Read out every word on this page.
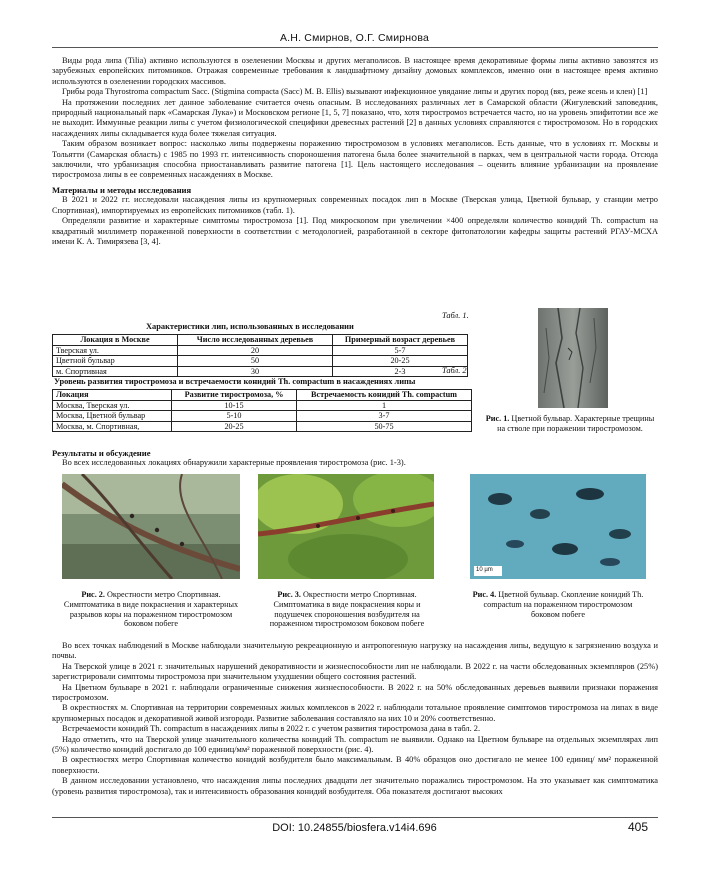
А.Н. Смирнов, О.Г. Смирнова

Виды рода липа (Tilia) активно используются в озеленении Москвы и других мегаполисов. В настоящее время декоративные формы липы активно завозятся из зарубежных европейских питомников. Отражая современные требования к ландшафтному дизайну домовых комплексов, именно они в настоящее время активно используются в озеленении городских массивов.

Грибы рода Thyrostroma compactum Sacc. (Stigmina compacta (Sacc) M. B. Ellis) вызывают инфекционное увядание липы и других пород (вяз, реже ясень и клен) [1]

На протяжении последних лет данное заболевание считается очень опасным. В исследованиях различных лет в Самарской области (Жигулевский заповедник, природный национальный парк «Самарская Лука») и Московском регионе [1, 5, 7] показано, что, хотя тиростромоз встречается часто, но на уровень эпифитотии все же не выходит. Иммунные реакции липы с учетом физиологической специфики древесных растений [2] в данных условиях справляются с тиростромозом. Но в городских насаждениях липы складывается куда более тяжелая ситуация.

Таким образом возникает вопрос: насколько липы подвержены поражению тиростромозом в условиях мегаполисов. Есть данные, что в условиях гг. Москвы и Тольятти (Самарская область) с 1985 по 1993 гг. интенсивность спороношения патогена была более значительной в парках, чем в центральной части города. Отсюда заключили, что урбанизация способна приостанавливать развитие патогена [1]. Цель настоящего исследования – оценить влияние урбанизации на проявление тиростромоза липы в ее современных насаждениях в Москве.

Материалы и методы исследования

В 2021 и 2022 гг. исследовали насаждения липы из крупномерных современных посадок лип в Москве (Тверская улица, Цветной бульвар, у станции метро Спортивная), импортируемых из европейских питомников (табл. 1).

Определяли развитие и характерные симптомы тиростромоза [1]. Под микроскопом при увеличении ×400 определяли количество конидий Th. compactum на квадратный миллиметр пораженной поверхности в соответствии с методологией, разработанной в секторе фитопатологии кафедры защиты растений РГАУ-МСХА имени К. А. Тимирязева [3, 4].

Табл. 1.
Характеристики лип, использованных в исследовании
Локация в Москве	Число исследованных деревьев	Примерный возраст деревьев
Тверская ул.	20	5-7
Цветной бульвар	50	20-25
м. Спортивная	30	2-3	Табл. 2.
Уровень развития тиростромоза и встречаемости конидий Th. compactum в насаждениях липы
Локация	Развитие тиростромоза, %	Встречаемость конидий Th. compactum
Москва, Тверская ул.	10-15	1
Москва, Цветной бульвар	5-10	3-7
Москва, м. Спортивная,	20-25	50-75
Рис. 1. Цветной бульвар. Характерные трещины на стволе при поражении тиростромозом.
Результаты и обсуждение

Во всех исследованных локациях обнаружили характерные проявления тиростромоза (рис. 1-3).

Рис. 2. Окрестности метро Спортивная. Симптоматика в виде покраснения и характерных разрывов коры на пораженном тиростромозом боковом побеге
Рис. 3. Окрестности метро Спортивная. Симптоматика в виде покраснения коры и подушечек спороношения возбудителя на пораженном тиростромозом боковом побеге
10 µm
Рис. 4. Цветной бульвар. Скопление конидий Th. compactum на пораженном тиростромозом боковом побеге

Во всех точках наблюдений в Москве наблюдали значительную рекреационную и антропогенную нагрузку на насаждения липы, ведущую к загрязнению воздуха и почвы.

На Тверской улице в 2021 г. значительных нарушений декоративности и жизнеспособности лип не наблюдали. В 2022 г. на части обследованных экземпляров (25%) зарегистрировали симптомы тиростромоза при значительном ухудшении общего состояния растений.

На Цветном бульваре в 2021 г. наблюдали ограниченные снижения жизнеспособности. В 2022 г. на 50% обследованных деревьев выявили признаки поражения тиростромозом.

В окрестностях м. Спортивная на территории современных жилых комплексов в 2022 г. наблюдали тотальное проявление симптомов тиростромоза на липах в виде крупномерных посадок и декоративной живой изгороди. Развитие заболевания составляло на них 10 и 20% соответственно.

Встречаемости конидий Th. compactum в насаждениях липы в 2022 г. с учетом развития тиростромоза дана в табл. 2.

Надо отметить, что на Тверской улице значительного количества конидий Th. compactum не выявили. Однако на Цветном бульваре на отдельных экземплярах лип (5%) количество конидий достигало до 100 единиц/мм² пораженной поверхности (рис. 4).

В окрестностях метро Спортивная количество конидий возбудителя было максимальным. В 40% образцов оно достигало не менее 100 единиц/ мм² пораженной поверхности.

В данном исследовании установлено, что насаждения липы последних двадцати лет значительно поражались тиростромозом. На это указывает как симптоматика (уровень развития тиростромоза), так и интенсивность образования конидий возбудителя. Оба показателя достигают высоких

DOI: 10.24855/biosfera.v14i4.696	405
